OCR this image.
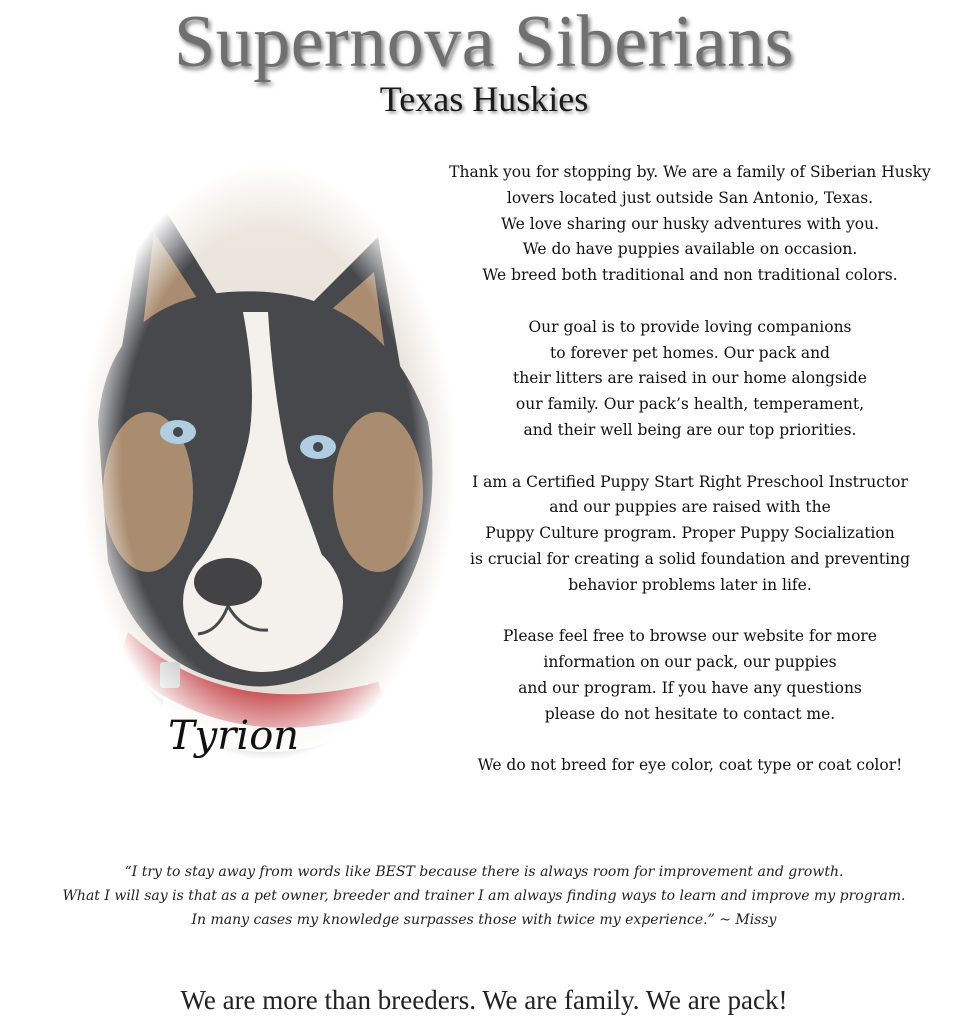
Supernova Siberians
Texas Huskies

Tyrion

Thank you for stopping by. We are a family of Siberian Husky
lovers located just outside San Antonio, Texas.
We love sharing our husky adventures with you.
We do have puppies available on occasion.
We breed both traditional and non traditional colors.

Our goal is to provide loving companions
to forever pet homes. Our pack and
their litters are raised in our home alongside
our family. Our pack’s health, temperament,
and their well being are our top priorities.

I am a Certified Puppy Start Right Preschool Instructor
and our puppies are raised with the
Puppy Culture program. Proper Puppy Socialization
is crucial for creating a solid foundation and preventing
behavior problems later in life.

Please feel free to browse our website for more
information on our pack, our puppies
and our program. If you have any questions
please do not hesitate to contact me.

We do not breed for eye color, coat type or coat color!

“I try to stay away from words like BEST because there is always room for improvement and growth.
What I will say is that as a pet owner, breeder and trainer I am always finding ways to learn and improve my program.
In many cases my knowledge surpasses those with twice my experience.” ~ Missy

We are more than breeders. We are family. We are pack!
